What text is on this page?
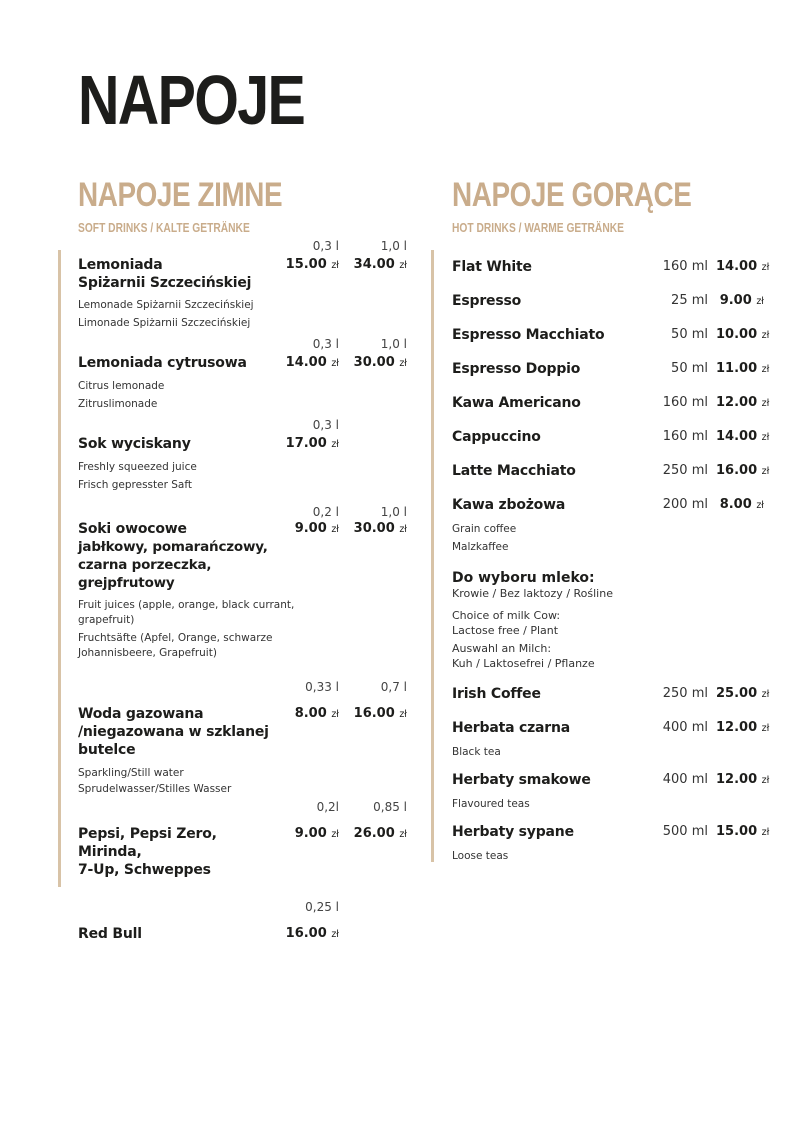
NAPOJE
NAPOJE ZIMNE
SOFT DRINKS / KALTE GETRÄNKE
NAPOJE GORĄCE
HOT DRINKS / WARME GETRÄNKE
0,3 l	1,0 l
Lemoniada
Spiżarnii Szczecińskiej
15.00 zł	34.00 zł
Lemonade Spiżarnii Szczecińskiej
Limonade Spiżarnii Szczecińskiej
0,3 l	1,0 l
Lemoniada cytrusowa	14.00 zł	30.00 zł
Citrus lemonade
Zitruslimonade
0,3 l
Sok wyciskany	17.00 zł
Freshly squeezed juice
Frisch gepresster Saft
0,2 l	1,0 l
Soki owocowe
jabłkowy, pomarańczowy,
czarna porzeczka, grejpfrutowy
9.00 zł	30.00 zł
Fruit juices (apple, orange, black currant,
grapefruit)
Fruchtsäfte (Apfel, Orange, schwarze
Johannisbeere, Grapefruit)
0,33 l	0,7 l
Woda gazowana
/niegazowana w szklanej
butelce
8.00 zł	16.00 zł
Sparkling/Still water
Sprudelwasser/Stilles Wasser
0,2l	0,85 l
Pepsi, Pepsi Zero, Mirinda,
7-Up, Schweppes
9.00 zł	26.00 zł
0,25 l
Red Bull	16.00 zł
Flat White	160 ml 14.00 zł
Espresso	25 ml 9.00 zł
Espresso Macchiato	50 ml 10.00 zł
Espresso Doppio	50 ml 11.00 zł
Kawa Americano	160 ml 12.00 zł
Cappuccino	160 ml 14.00 zł
Latte Macchiato	250 ml 16.00 zł
Kawa zbożowa	200 ml 8.00 zł
Grain coffee
Malzkaffee
Do wyboru mleko:
Krowie / Bez laktozy / Roślinе
Choice of milk Cow:
Lactose free / Plant
Auswahl an Milch:
Kuh / Laktosefrei / Pflanze
Irish Coffee	250 ml 25.00 zł
Herbata czarna	400 ml 12.00 zł
Black tea
Herbaty smakowe	400 ml 12.00 zł
Flavoured teas
Herbaty sypane	500 ml 15.00 zł
Loose teas
